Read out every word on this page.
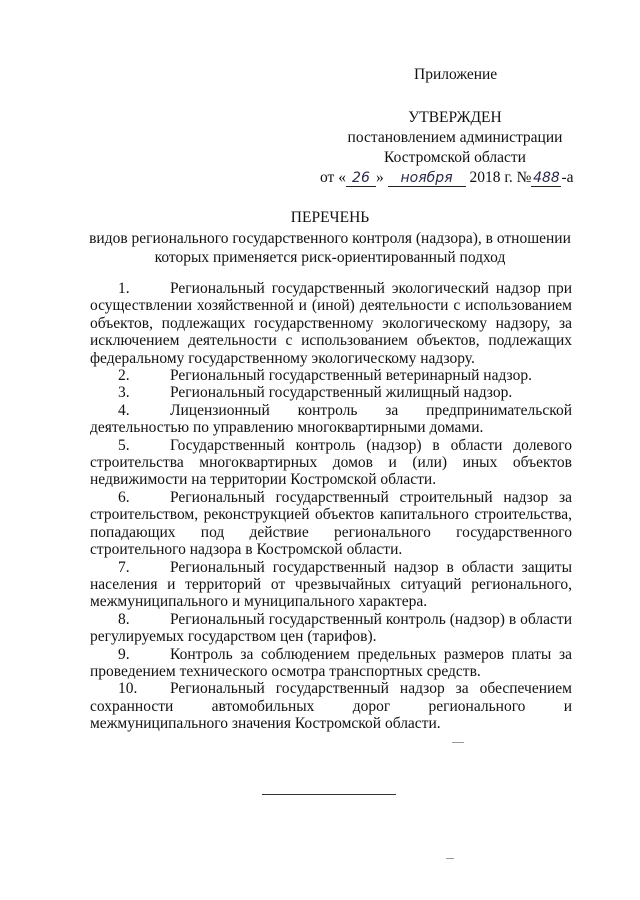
Приложение
УТВЕРЖДЕН
постановлением администрации
Костромской области
от « 26 » ноября 2018 г. № 488 -а
ПЕРЕЧЕНЬ
видов регионального государственного контроля (надзора), в отношении
которых применяется риск-ориентированный подход

1.	Региональный государственный экологический надзор при осуществлении хозяйственной и (иной) деятельности с использованием объектов, подлежащих государственному экологическому надзору, за исключением деятельности с использованием объектов, подлежащих федеральному государственному экологическому надзору.

2.	Региональный государственный ветеринарный надзор.

3.	Региональный государственный жилищный надзор.

4.	Лицензионный контроль за предпринимательской деятельностью по управлению многоквартирными домами.

5.	Государственный контроль (надзор) в области долевого строительства многоквартирных домов и (или) иных объектов недвижимости на территории Костромской области.

6.	Региональный государственный строительный надзор за строительством, реконструкцией объектов капитального строительства, попадающих под действие регионального государственного строительного надзора в Костромской области.

7.	Региональный государственный надзор в области защиты населения и территорий от чрезвычайных ситуаций регионального, межмуниципального и муниципального характера.

8.	Региональный государственный контроль (надзор) в области регулируемых государством цен (тарифов).

9.	Контроль за соблюдением предельных размеров платы за проведением технического осмотра транспортных средств.

10. Региональный государственный надзор за обеспечением сохранности автомобильных дорог регионального и межмуниципального значения Костромской области.
